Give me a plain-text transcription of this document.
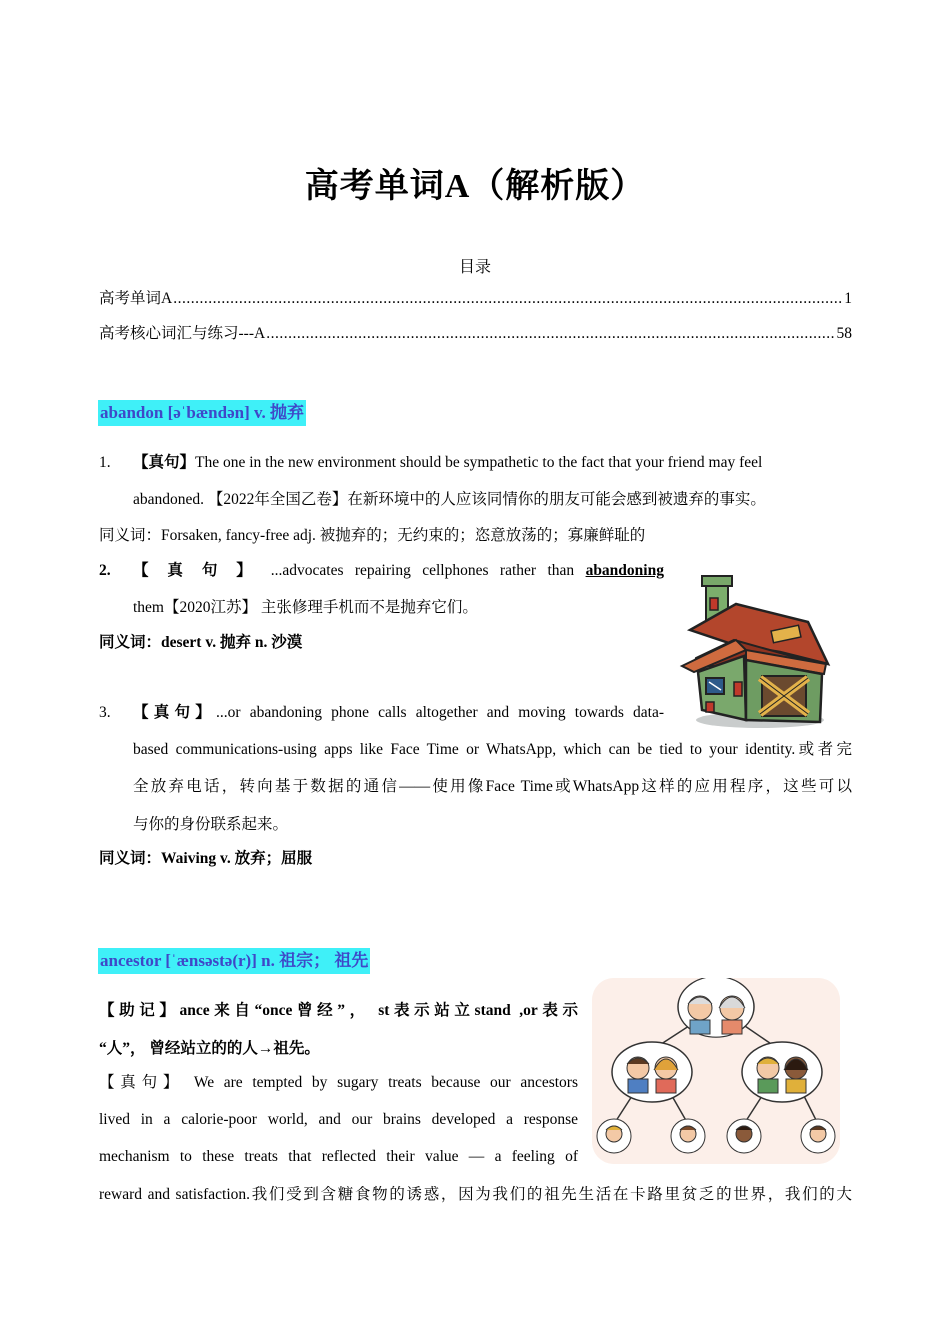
高考单词A（解析版）
目录
高考单词A .....	1
高考核心词汇与练习---A .....	58
abandon [əˈbændən] v. 抛弃
1. 【真句】The one in the new environment should be sympathetic to the fact that your friend may feel
abandoned. 【2022年全国乙卷】在新环境中的人应该同情你的朋友可能会感到被遗弃的事实。
同义词：Forsaken, fancy-free adj. 被抛弃的；无约束的；恣意放荡的；寡廉鲜耻的
2. 【 真 句 】 ...advocates repairing cellphones rather than abandoning
them【2020江苏】 主张修理手机而不是抛弃它们。
同义词：desert v. 抛弃 n. 沙漠
3. 【真句】...or abandoning phone calls altogether and moving towards data-
based communications-using apps like Face Time or WhatsApp, which can be tied to your identity.或者完
全放弃电话，转向基于数据的通信——使用像Face Time或WhatsApp这样的应用程序，这些可以
与你的身份联系起来。
同义词：Waiving v. 放弃；屈服
ancestor [ˈænsəstə(r)] n. 祖宗； 祖先
【助记】ance来自“once曾经”， st表示站立stand ,or表示
“人”， 曾经站立的的人→祖先。
【真句】 We are tempted by sugary treats because our ancestors
lived in a calorie-poor world, and our brains developed a response
mechanism to these treats that reflected their value — a feeling of
reward and satisfaction.我们受到含糖食物的诱惑，因为我们的祖先生活在卡路里贫乏的世界，我们的大
